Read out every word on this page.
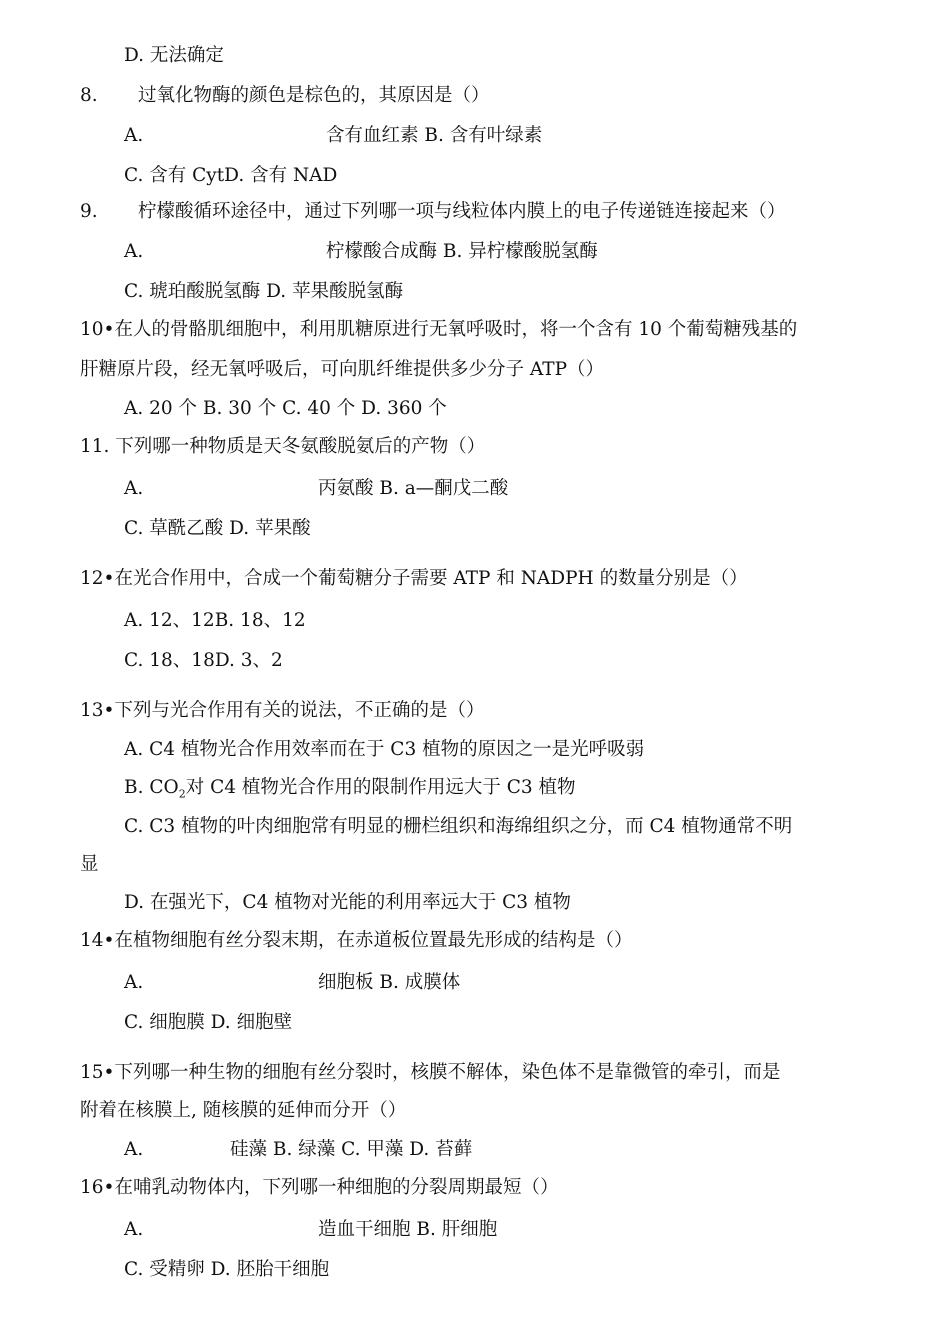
D. 无法确定
8. 过氧化物酶的颜色是棕色的，其原因是（）
A.	含有血红素 B. 含有叶绿素
C. 含有 CytD. 含有 NAD
9. 柠檬酸循环途径中，通过下列哪一项与线粒体内膜上的电子传递链连接起来（）
A.	柠檬酸合成酶 B. 异柠檬酸脱氢酶
C. 琥珀酸脱氢酶 D. 苹果酸脱氢酶
10•在人的骨骼肌细胞中，利用肌糖原进行无氧呼吸时，将一个含有 10 个葡萄糖残基的
肝糖原片段，经无氧呼吸后，可向肌纤维提供多少分子 ATP（）
A. 20 个 B. 30 个 C. 40 个 D. 360 个
11. 下列哪一种物质是天冬氨酸脱氨后的产物（）
A.	丙氨酸 B. a—酮戊二酸
C. 草酰乙酸 D. 苹果酸
12•在光合作用中，合成一个葡萄糖分子需要 ATP 和 NADPH 的数量分别是（）
A. 12、12B. 18、12
C. 18、18D. 3、2
13•下列与光合作用有关的说法，不正确的是（）
A. C4 植物光合作用效率而在于 C3 植物的原因之一是光呼吸弱
B. $CO_2$对 C4 植物光合作用的限制作用远大于 C3 植物
C. C3 植物的叶肉细胞常有明显的栅栏组织和海绵组织之分，而 C4 植物通常不明
显
D. 在强光下，C4 植物对光能的利用率远大于 C3 植物
14•在植物细胞有丝分裂末期，在赤道板位置最先形成的结构是（）
A.	细胞板 B. 成膜体
C. 细胞膜 D. 细胞壁
15•下列哪一种生物的细胞有丝分裂时，核膜不解体，染色体不是靠微管的牵引，而是
附着在核膜上, 随核膜的延伸而分开（）
A.	硅藻 B. 绿藻 C. 甲藻 D. 苔藓
16•在哺乳动物体内，下列哪一种细胞的分裂周期最短（）
A.	造血干细胞 B. 肝细胞
C. 受精卵 D. 胚胎干细胞
